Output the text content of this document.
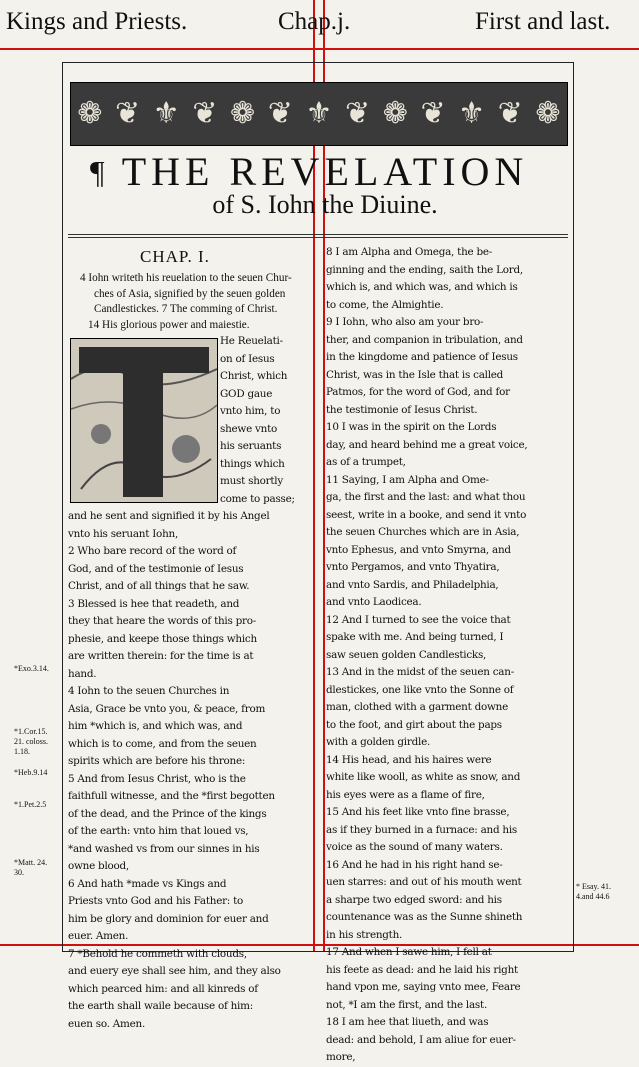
Kings and Priests.	Chap.j.	First and last.
❁ ❦ ⚜ ❦ ❁ ❦ ⚜ ❦ ❁ ❦ ⚜ ❦ ❁
¶ THE REVELATION
of S. Iohn the Diuine.
CHAP. I.
4 Iohn writeth his reuelation to the seuen Chur-
ches of Asia, signified by the seuen golden
Candlestickes. 7 The comming of Christ.
14 His glorious power and maiestie.
He Reuelati-
on of Iesus
Christ, which
GOD gaue
vnto him, to
shewe vnto
his seruants
things which
must shortly
come to passe;
and he sent and signified it by his Angel
vnto his seruant Iohn,
2 Who bare record of the word of
God, and of the testimonie of Iesus
Christ, and of all things that he saw.
3 Blessed is hee that readeth, and
they that heare the words of this pro-
phesie, and keepe those things which
are written therein: for the time is at
hand.
4 Iohn to the seuen Churches in
Asia, Grace be vnto you, & peace, from
him *which is, and which was, and
which is to come, and from the seuen
spirits which are before his throne:
5 And from Iesus Christ, who is the
faithfull witnesse, and the *first begotten
of the dead, and the Prince of the kings
of the earth: vnto him that loued vs,
*and washed vs from our sinnes in his
owne blood,
6 And hath *made vs Kings and
Priests vnto God and his Father: to
him be glory and dominion for euer and
euer. Amen.
7 *Behold he commeth with clouds,
and euery eye shall see him, and they also
which pearced him: and all kinreds of
the earth shall waile because of him:
euen so. Amen.
8 I am Alpha and Omega, the be-
ginning and the ending, saith the Lord,
which is, and which was, and which is
to come, the Almightie.
9 I Iohn, who also am your bro-
ther, and companion in tribulation, and
in the kingdome and patience of Iesus
Christ, was in the Isle that is called
Patmos, for the word of God, and for
the testimonie of Iesus Christ.
10 I was in the spirit on the Lords
day, and heard behind me a great voice,
as of a trumpet,
11 Saying, I am Alpha and Ome-
ga, the first and the last: and what thou
seest, write in a booke, and send it vnto
the seuen Churches which are in Asia,
vnto Ephesus, and vnto Smyrna, and
vnto Pergamos, and vnto Thyatira,
and vnto Sardis, and Philadelphia,
and vnto Laodicea.
12 And I turned to see the voice that
spake with me. And being turned, I
saw seuen golden Candlesticks,
13 And in the midst of the seuen can-
dlestickes, one like vnto the Sonne of
man, clothed with a garment downe
to the foot, and girt about the paps
with a golden girdle.
14 His head, and his haires were
white like wooll, as white as snow, and
his eyes were as a flame of fire,
15 And his feet like vnto fine brasse,
as if they burned in a furnace: and his
voice as the sound of many waters.
16 And he had in his right hand se-
uen starres: and out of his mouth went
a sharpe two edged sword: and his
countenance was as the Sunne shineth
in his strength.
17 And when I sawe him, I fell at
his feete as dead: and he laid his right
hand vpon me, saying vnto mee, Feare
not, *I am the first, and the last.
18 I am hee that liueth, and was
dead: and behold, I am aliue for euer-
more,
*Exo.3.14.
*1.Cor.15.
21. coloss.
1.18.
*Heb.9.14
*1.Pet.2.5
*Matt. 24.
30.
* Esay. 41.
4.and 44.6
